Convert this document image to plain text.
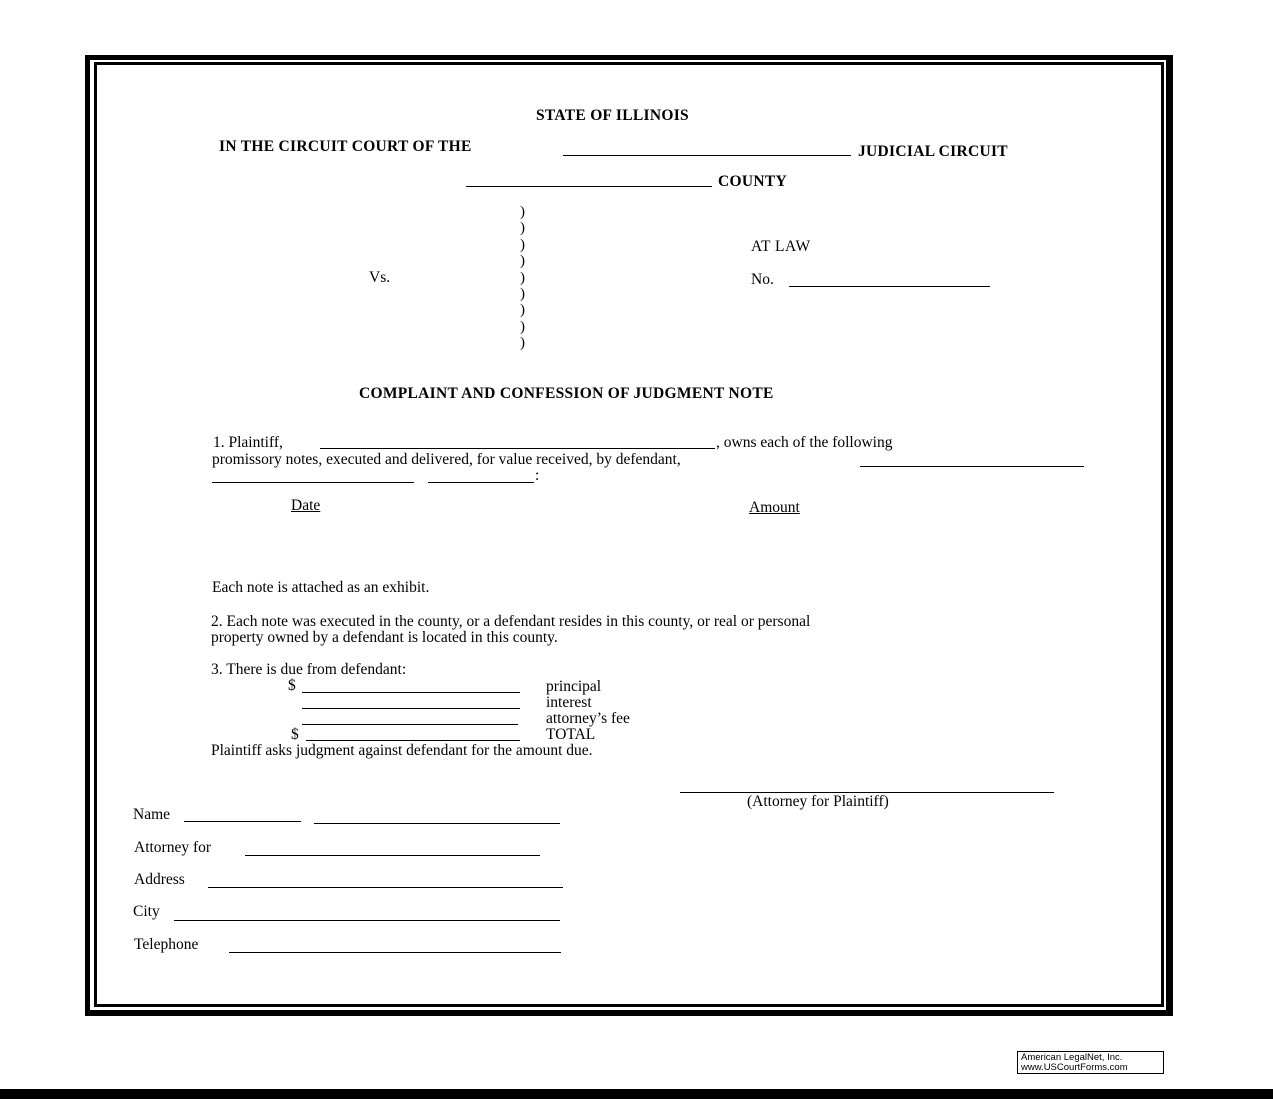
STATE OF ILLINOIS
IN THE CIRCUIT COURT OF THE	JUDICIAL CIRCUIT
COUNTY
)
)
)
)
)
)
)
)
)
Vs.
AT LAW
No.
COMPLAINT AND CONFESSION OF JUDGMENT NOTE
1. Plaintiff,	, owns each of the following
promissory notes, executed and delivered, for value received, by defendant,
:
Date	Amount
Each note is attached as an exhibit.
2. Each note was executed in the county, or a defendant resides in this county, or real or personal
property owned by a defendant is located in this county.
3. There is due from defendant:
$	principal
interest
attorney’s fee
$	TOTAL
Plaintiff asks judgment against defendant for the amount due.
(Attorney for Plaintiff)
Name
Attorney for
Address
City
Telephone
American LegalNet, Inc.
www.USCourtForms.com
